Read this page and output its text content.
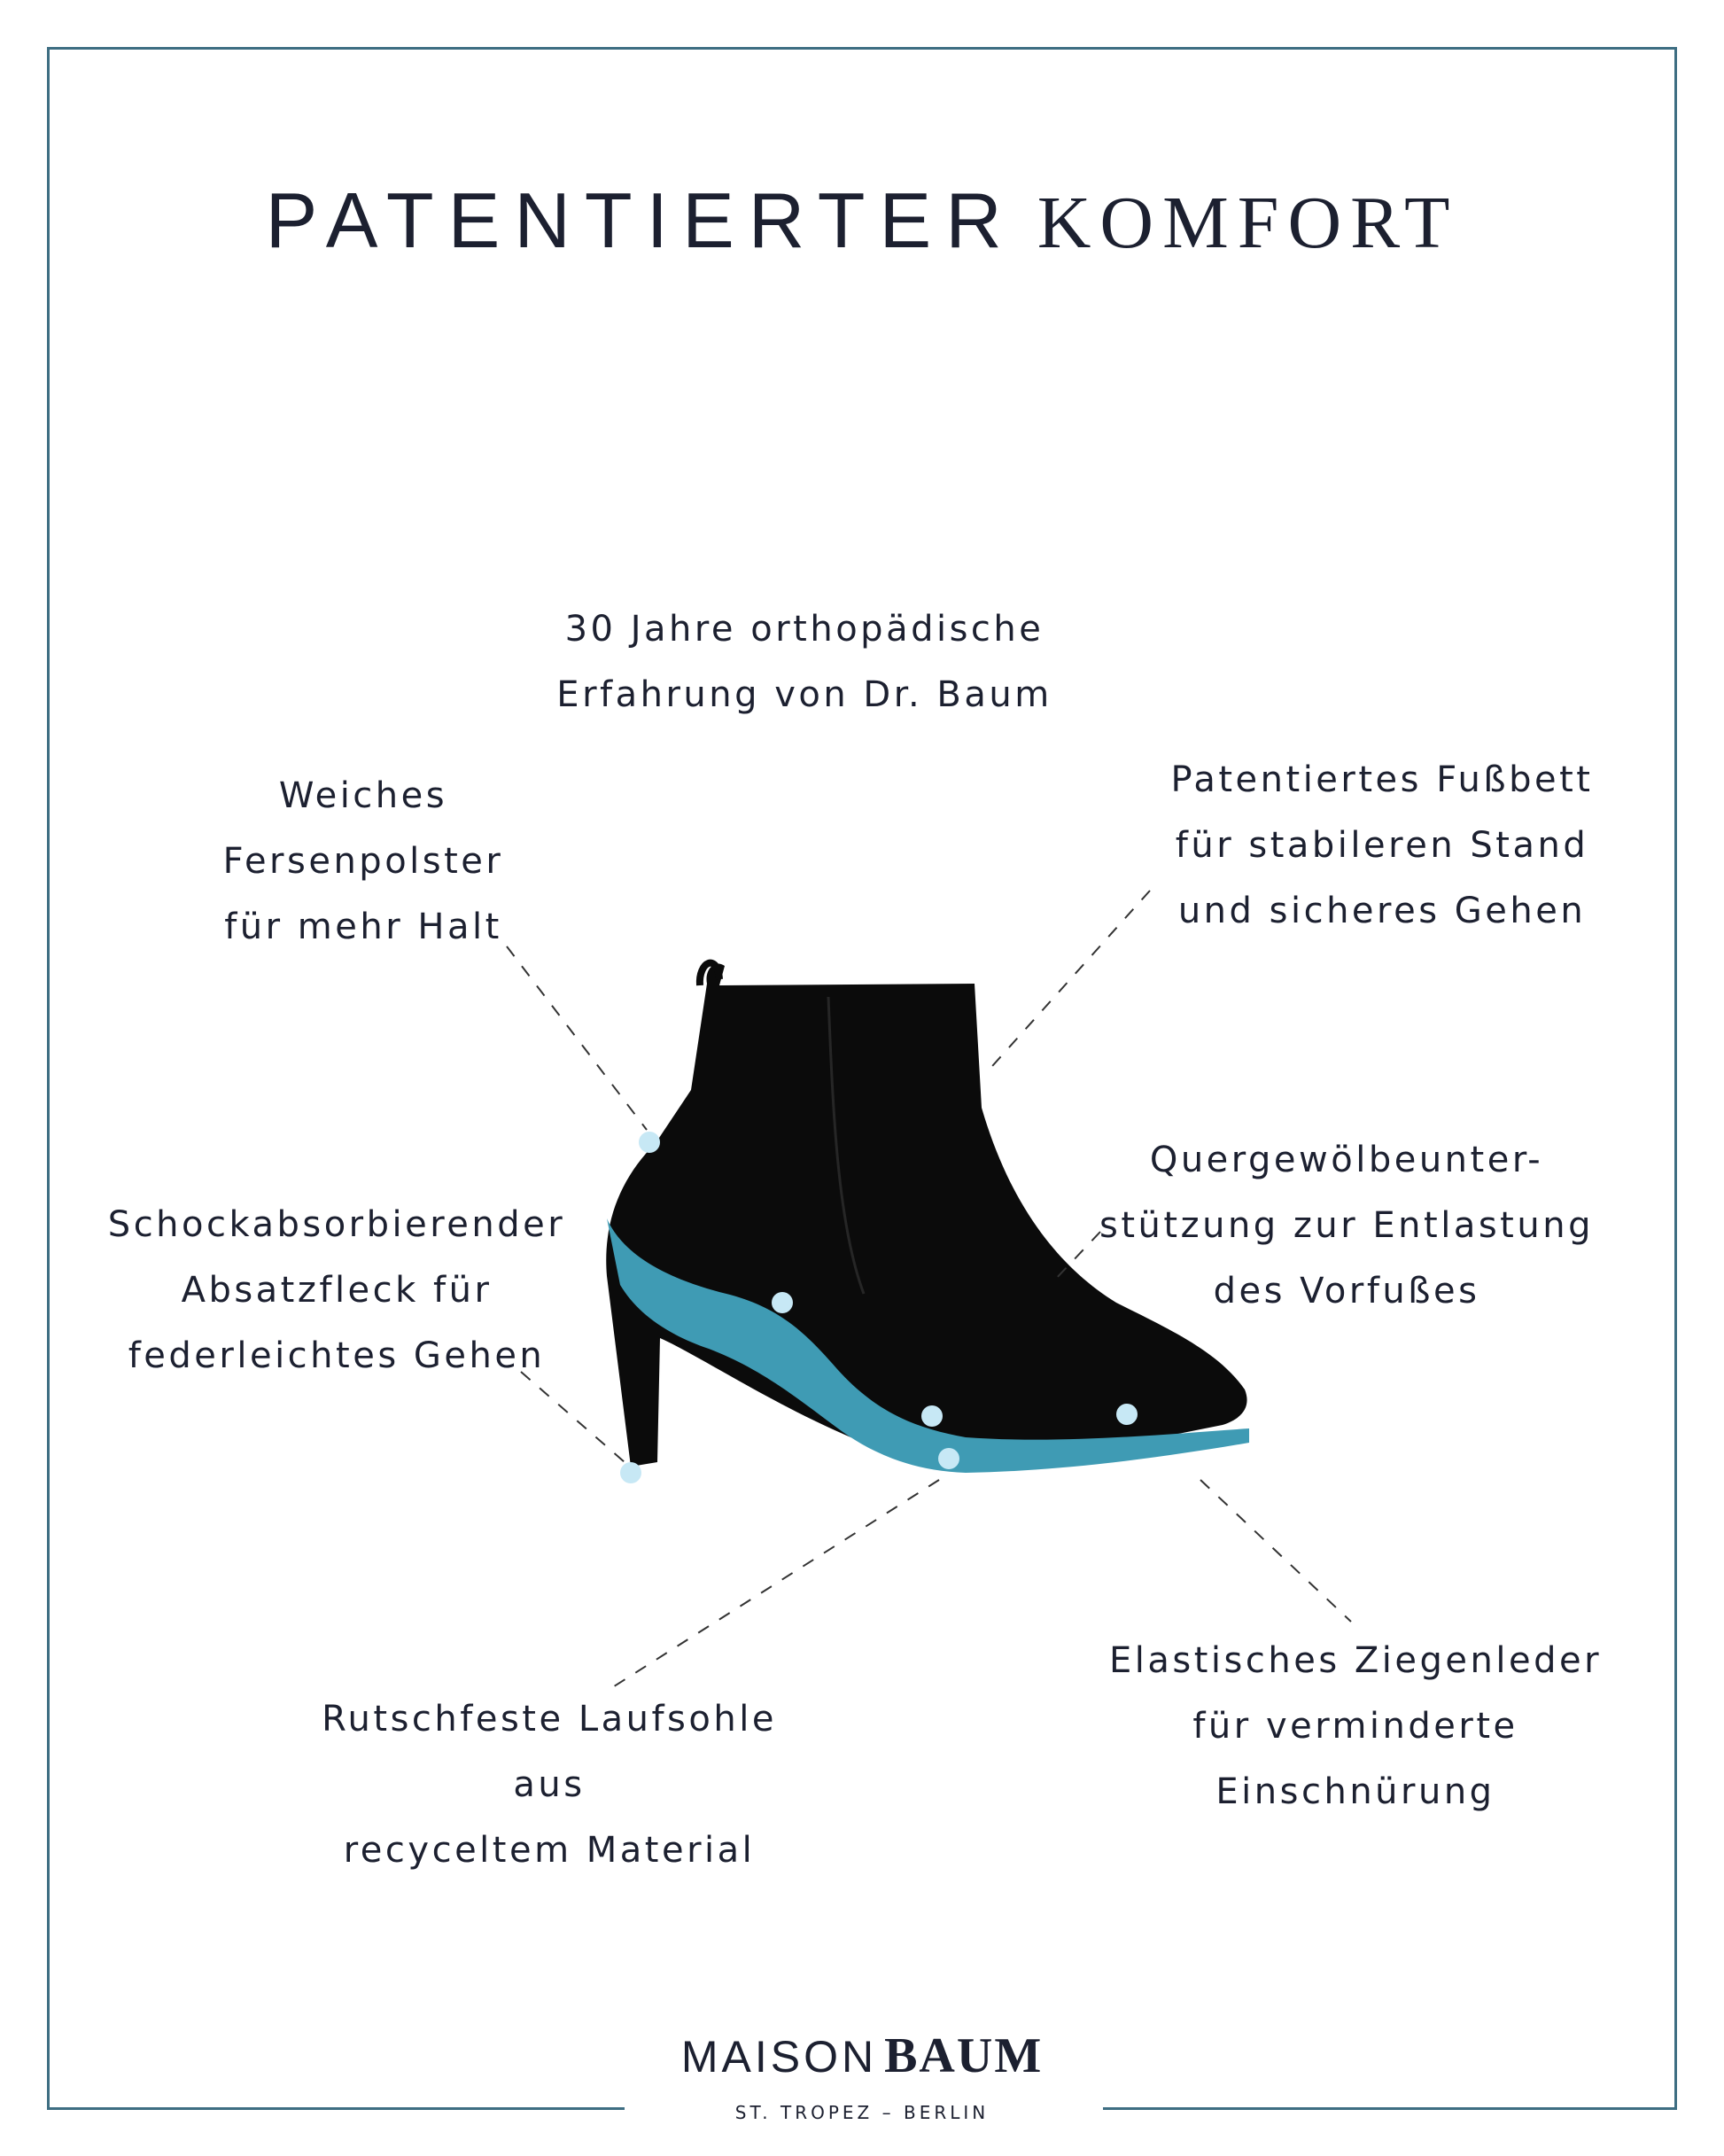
PATENTIERTER KOMFORT
30 Jahre orthopädische
Erfahrung von Dr. Baum
Weiches
Fersenpolster
für mehr Halt
Patentiertes Fußbett
für stabileren Stand
und sicheres Gehen
Schockabsorbierender
Absatzfleck für
federleichtes Gehen
Quergewölbeunter-
stützung zur Entlastung
des Vorfußes
Elastisches Ziegenleder
für verminderte
Einschnürung
Rutschfeste Laufsohle
aus
recyceltem Material
MAISON BAUM
ST. TROPEZ – BERLIN
